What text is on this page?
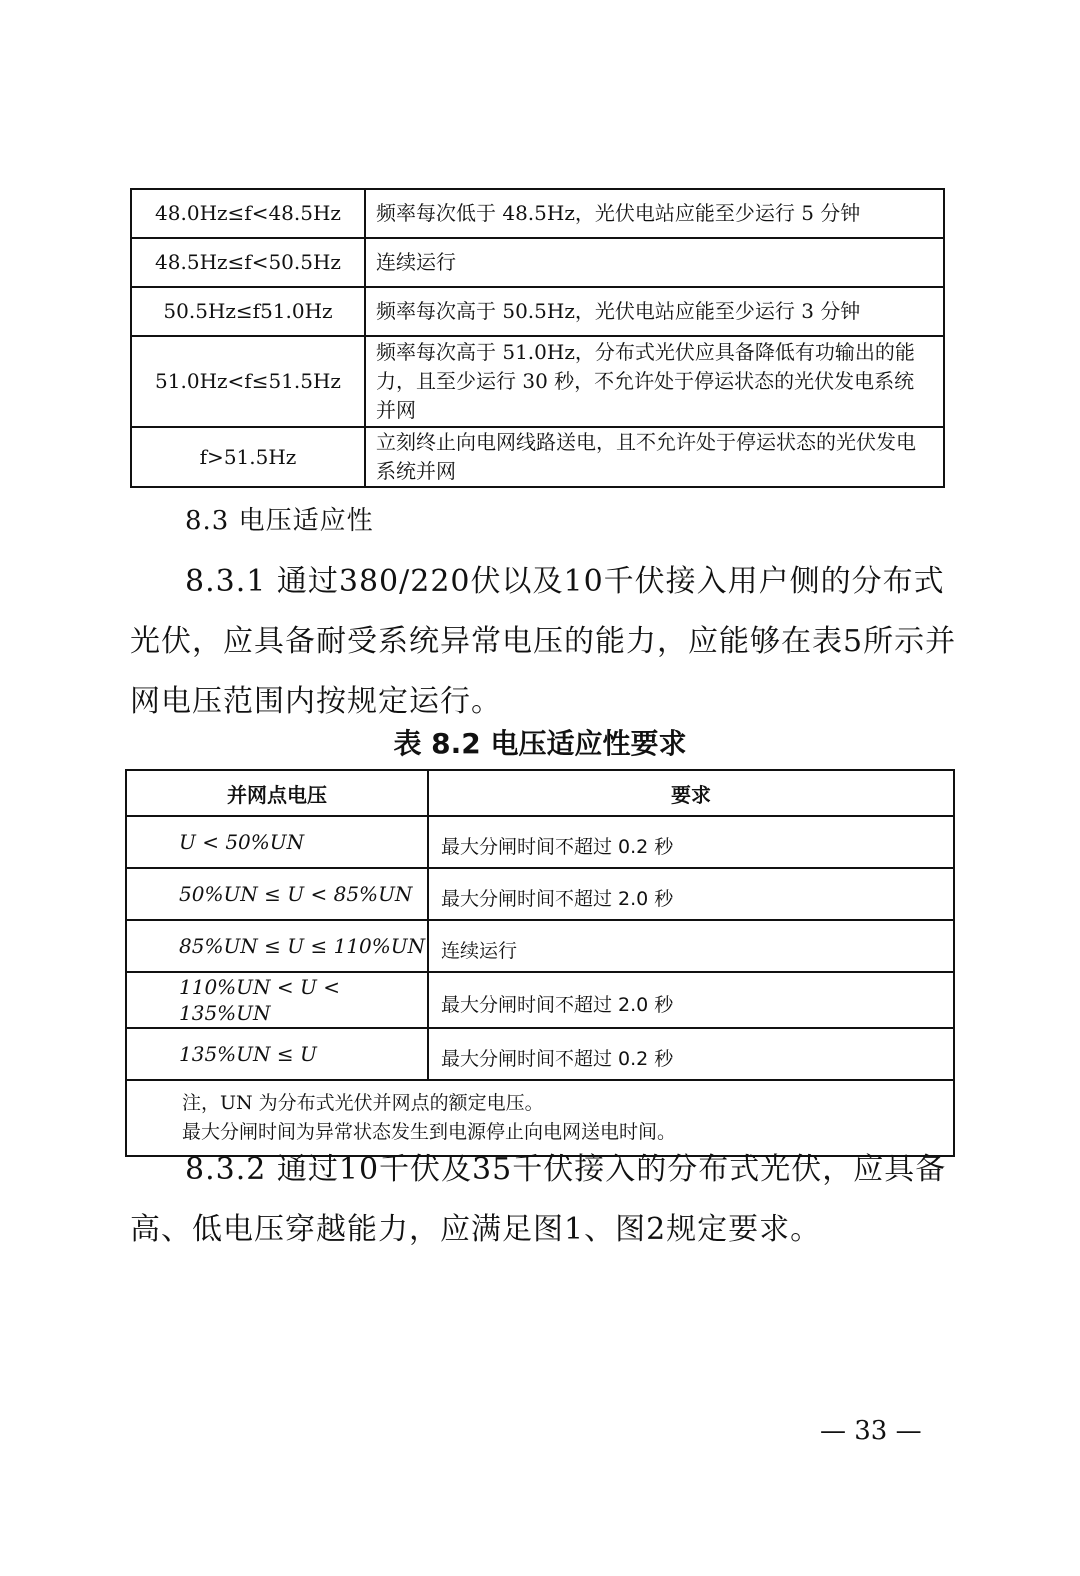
48.0Hz≤f<48.5Hz	频率每次低于 48.5Hz，光伏电站应能至少运行 5 分钟
48.5Hz≤f<50.5Hz	连续运行
50.5Hz≤f51.0Hz	频率每次高于 50.5Hz，光伏电站应能至少运行 3 分钟
51.0Hz<f≤51.5Hz	频率每次高于 51.0Hz，分布式光伏应具备降低有功输出的能力，且至少运行 30 秒，不允许处于停运状态的光伏发电系统并网
f>51.5Hz	立刻终止向电网线路送电，且不允许处于停运状态的光伏发电系统并网
8.3 电压适应性
8.3.1 通过380/220伏以及10千伏接入用户侧的分布式光伏，应具备耐受系统异常电压的能力，应能够在表5所示并网电压范围内按规定运行。
表 8.2 电压适应性要求
并网点电压	要求
U < 50%UN	最大分闸时间不超过 0.2 秒
50%UN ≤ U < 85%UN	最大分闸时间不超过 2.0 秒
85%UN ≤ U ≤ 110%UN	连续运行
110%UN < U < 135%UN	最大分闸时间不超过 2.0 秒
135%UN ≤ U	最大分闸时间不超过 0.2 秒

注，UN 为分布式光伏并网点的额定电压。
最大分闸时间为异常状态发生到电源停止向电网送电时间。	
8.3.2 通过10千伏及35千伏接入的分布式光伏，应具备高、低电压穿越能力，应满足图1、图2规定要求。
— 33 —
